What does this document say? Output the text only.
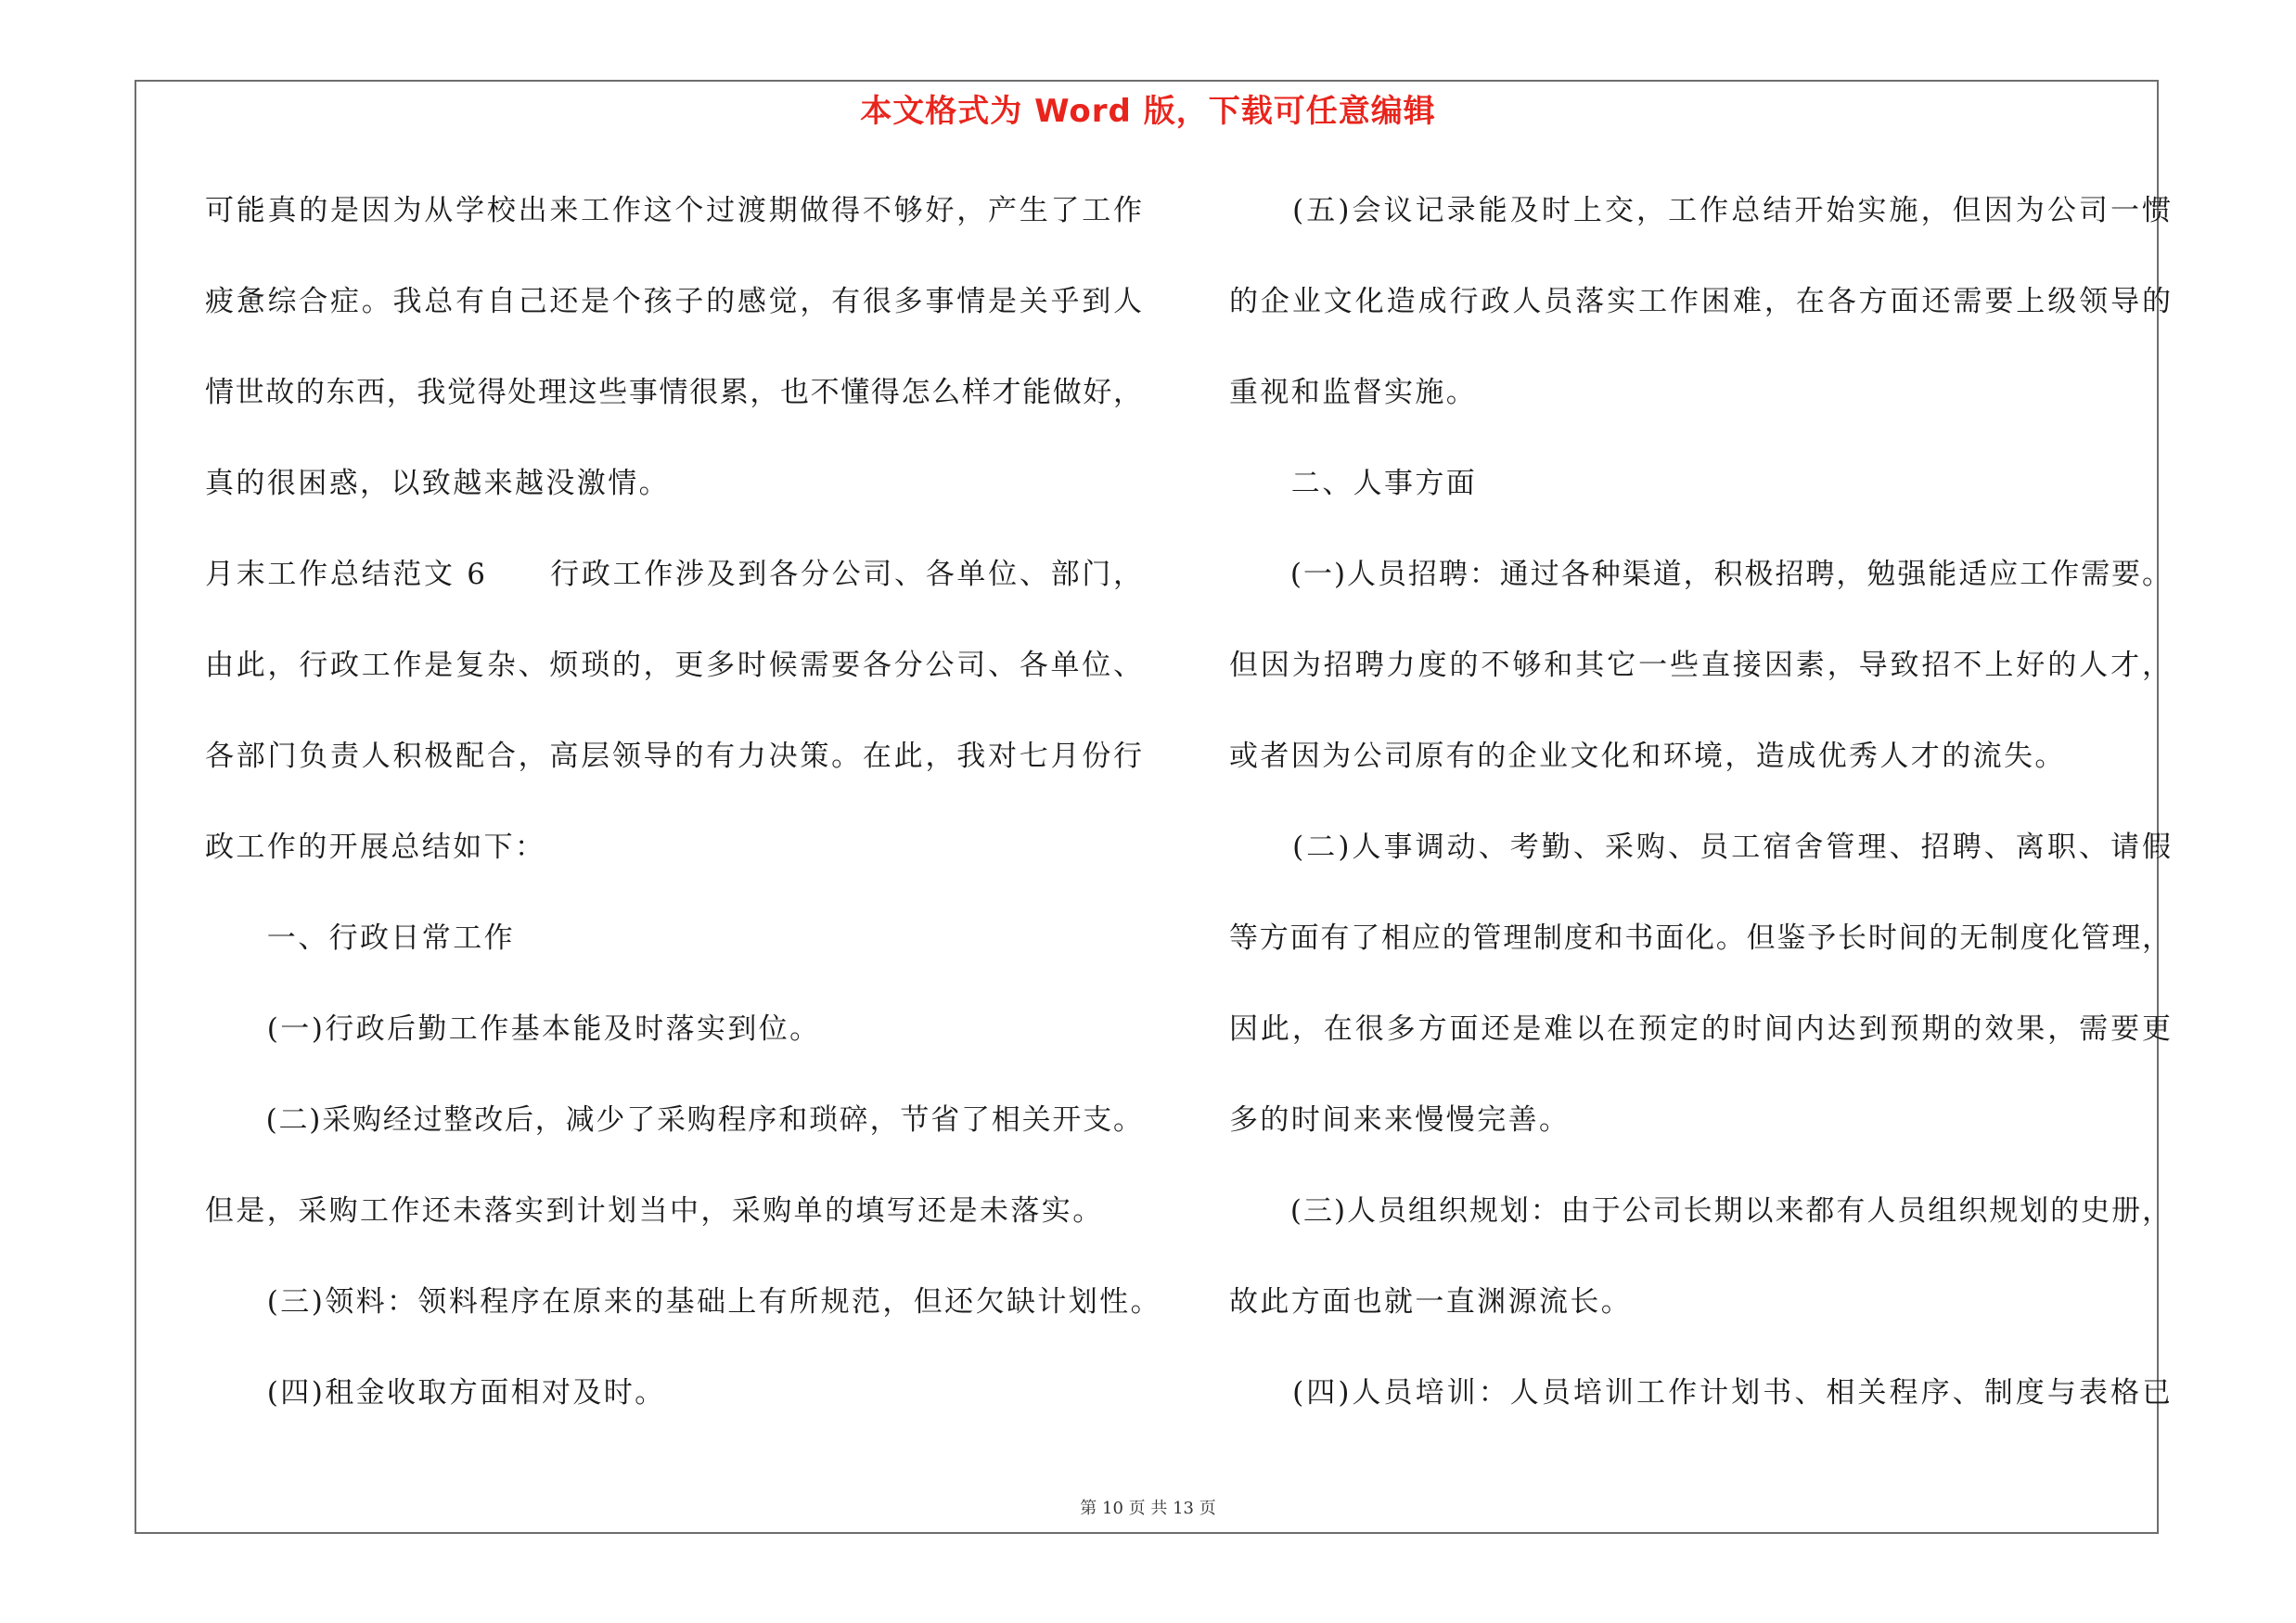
本文格式为 Word 版，下载可任意编辑
可能真的是因为从学校出来工作这个过渡期做得不够好，产生了工作
疲惫综合症。我总有自己还是个孩子的感觉，有很多事情是关乎到人
情世故的东西，我觉得处理这些事情很累，也不懂得怎么样才能做好，
真的很困惑，以致越来越没激情。
月末工作总结范文 6　　行政工作涉及到各分公司、各单位、部门，
由此，行政工作是复杂、烦琐的，更多时候需要各分公司、各单位、
各部门负责人积极配合，高层领导的有力决策。在此，我对七月份行
政工作的开展总结如下：
　　一、行政日常工作
　　(一)行政后勤工作基本能及时落实到位。
　　(二)采购经过整改后，减少了采购程序和琐碎，节省了相关开支。
但是，采购工作还未落实到计划当中，采购单的填写还是未落实。
　　(三)领料：领料程序在原来的基础上有所规范，但还欠缺计划性。
　　(四)租金收取方面相对及时。
　　(五)会议记录能及时上交，工作总结开始实施，但因为公司一惯
的企业文化造成行政人员落实工作困难，在各方面还需要上级领导的
重视和监督实施。
　　二、人事方面
　　(一)人员招聘：通过各种渠道，积极招聘，勉强能适应工作需要。
但因为招聘力度的不够和其它一些直接因素，导致招不上好的人才，
或者因为公司原有的企业文化和环境，造成优秀人才的流失。
　　(二)人事调动、考勤、采购、员工宿舍管理、招聘、离职、请假
等方面有了相应的管理制度和书面化。但鉴予长时间的无制度化管理，
因此，在很多方面还是难以在预定的时间内达到预期的效果，需要更
多的时间来来慢慢完善。
　　(三)人员组织规划：由于公司长期以来都有人员组织规划的史册，
故此方面也就一直渊源流长。
　　(四)人员培训：人员培训工作计划书、相关程序、制度与表格已
第 10 页 共 13 页
